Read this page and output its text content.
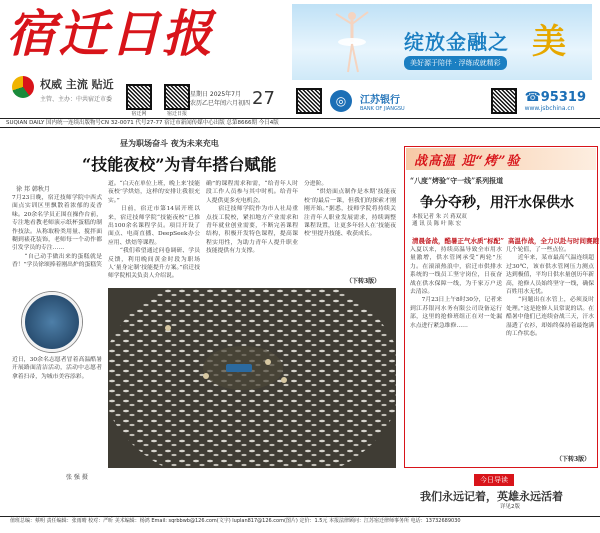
宿迁日报
权威 主流 贴近
主管、主办：中共宿迁市委
宿迁网	宿迁日报
星期日 2025年7月
农历乙巳年闰六月初四 27
绽放金融之 美
美好源于陪伴 · 浮练成就精彩
◎	江苏银行
BANK OF JIANGSU
☎95319
www.jsbchina.cn
SUQIAN DAILY 国内统一连续出版物号CN 32-0071 代号27-77 宿迁市新闻传媒中心出版 总第8666期 今日4版
昼为职场奋斗 夜为未来充电
“技能夜校”为青年搭台赋能
徐 邦 韩秋月
7月23日晚，宿迁技师学院中西式面点实训区里飘散着浓郁的麦香味。20余名学员正围在操作台前，专注地看教老师演示纸杯蛋糕的制作技法。从称取粉类用量、搅拌面糊到裱花装饰，老师每一个动作都引发学员的专注……
　　“自己动手做出来的蛋糕就是香！”学员徐颂捧着刚出炉的蛋糕笑
道。“白天在单位上班，晚上来‘技能夜校’学烘焙，这样的安排让我很充实。”
　　日前，宿迁市第14届开班以来，宿迁技师学院“技能夜校”已推出100余名课程学员。项目开设了面点、电商直播、DeepSeek办公应用、烘焙等课程。
　　“我们希望通过问卷调研、学员反馈，利用晚间黄金时段为职场人‘量身定制’技能提升方案。”宿迁技师学院相关负责人介绍说。
确”的课程需求和需，“给青年人时段工作人员参与其中时机。给青年人提供更多充电机会。
　　宿迁技师学院作为市人社局重点技工院校，紧扣地方产业需求和青年就业创业需要，不断完善课程结构，积极开发特色课程，提高课程实用性，为助力青年人提升职业技能提供有力支撑。
分进阶。
　　“烘焙面点制作是本期‘技能夜校’的最后一课，但我们的探索才刚刚开始。”据悉，技师学院将持续关注青年人职业发展需求，持续调整课程设置，让更多年轻人在‘技能夜校’里提升技能、收获成长。
（下转3版）
近日，30余名志愿者冒着高温酷暑开展路面清洁活动，活动中志愿者拿着扫帚，为城市美容添彩。
张 强 摄
战高温 迎“烤”验
“八度”烤验“守一线”系列报道
争分夺秒，用汗水保供水
本报记者 朱 兴 蒋双双
通 讯 员 陈 叶 陈 宏
清晨备战，酷暑正气水质“标配”
入夏以来，持续高温导致全市用水量激增，供水管网承受“两轮”压力。在滚滚热浪中，宿迁市供排水系统的一线员工坚守岗位，日夜奋战在供水保障一线，为千家万户送去清凉。
　　7月23日上午8时30分，记者来到江苏银河水务有限公司设备运行部，这里的抢修班组正在对一处漏水点进行紧急维修……
高温作战，全力以赴与时间赛跑
几个轮值，了一些点位。
　　近年来，某市最高气温连续超过30℃，该市供水管网压力测点达到极值，平均日供水量创历年新高，抢修人员始终坚守一线，确保百姓用水无忧。
　　“问题出在水管上，必须及时处理。”这是抢修人员常说的话。在酷暑中他们已连续奋战三天，汗水湿透了衣衫，却始终保持着最饱满的工作状态。
（下转3版）
今日导读
我们永远记着，英雄永远活着
详见2版
值班总编：蔡明 责任编辑：张雨晴 校对：严昕 美术编辑：杨鸿 Email: sqrbbwb@126.com(文字) luplan817@126.com(图片) 定价：1.5元 本报法律顾问：江苏宿迁律师事务所 电话：13732689030
